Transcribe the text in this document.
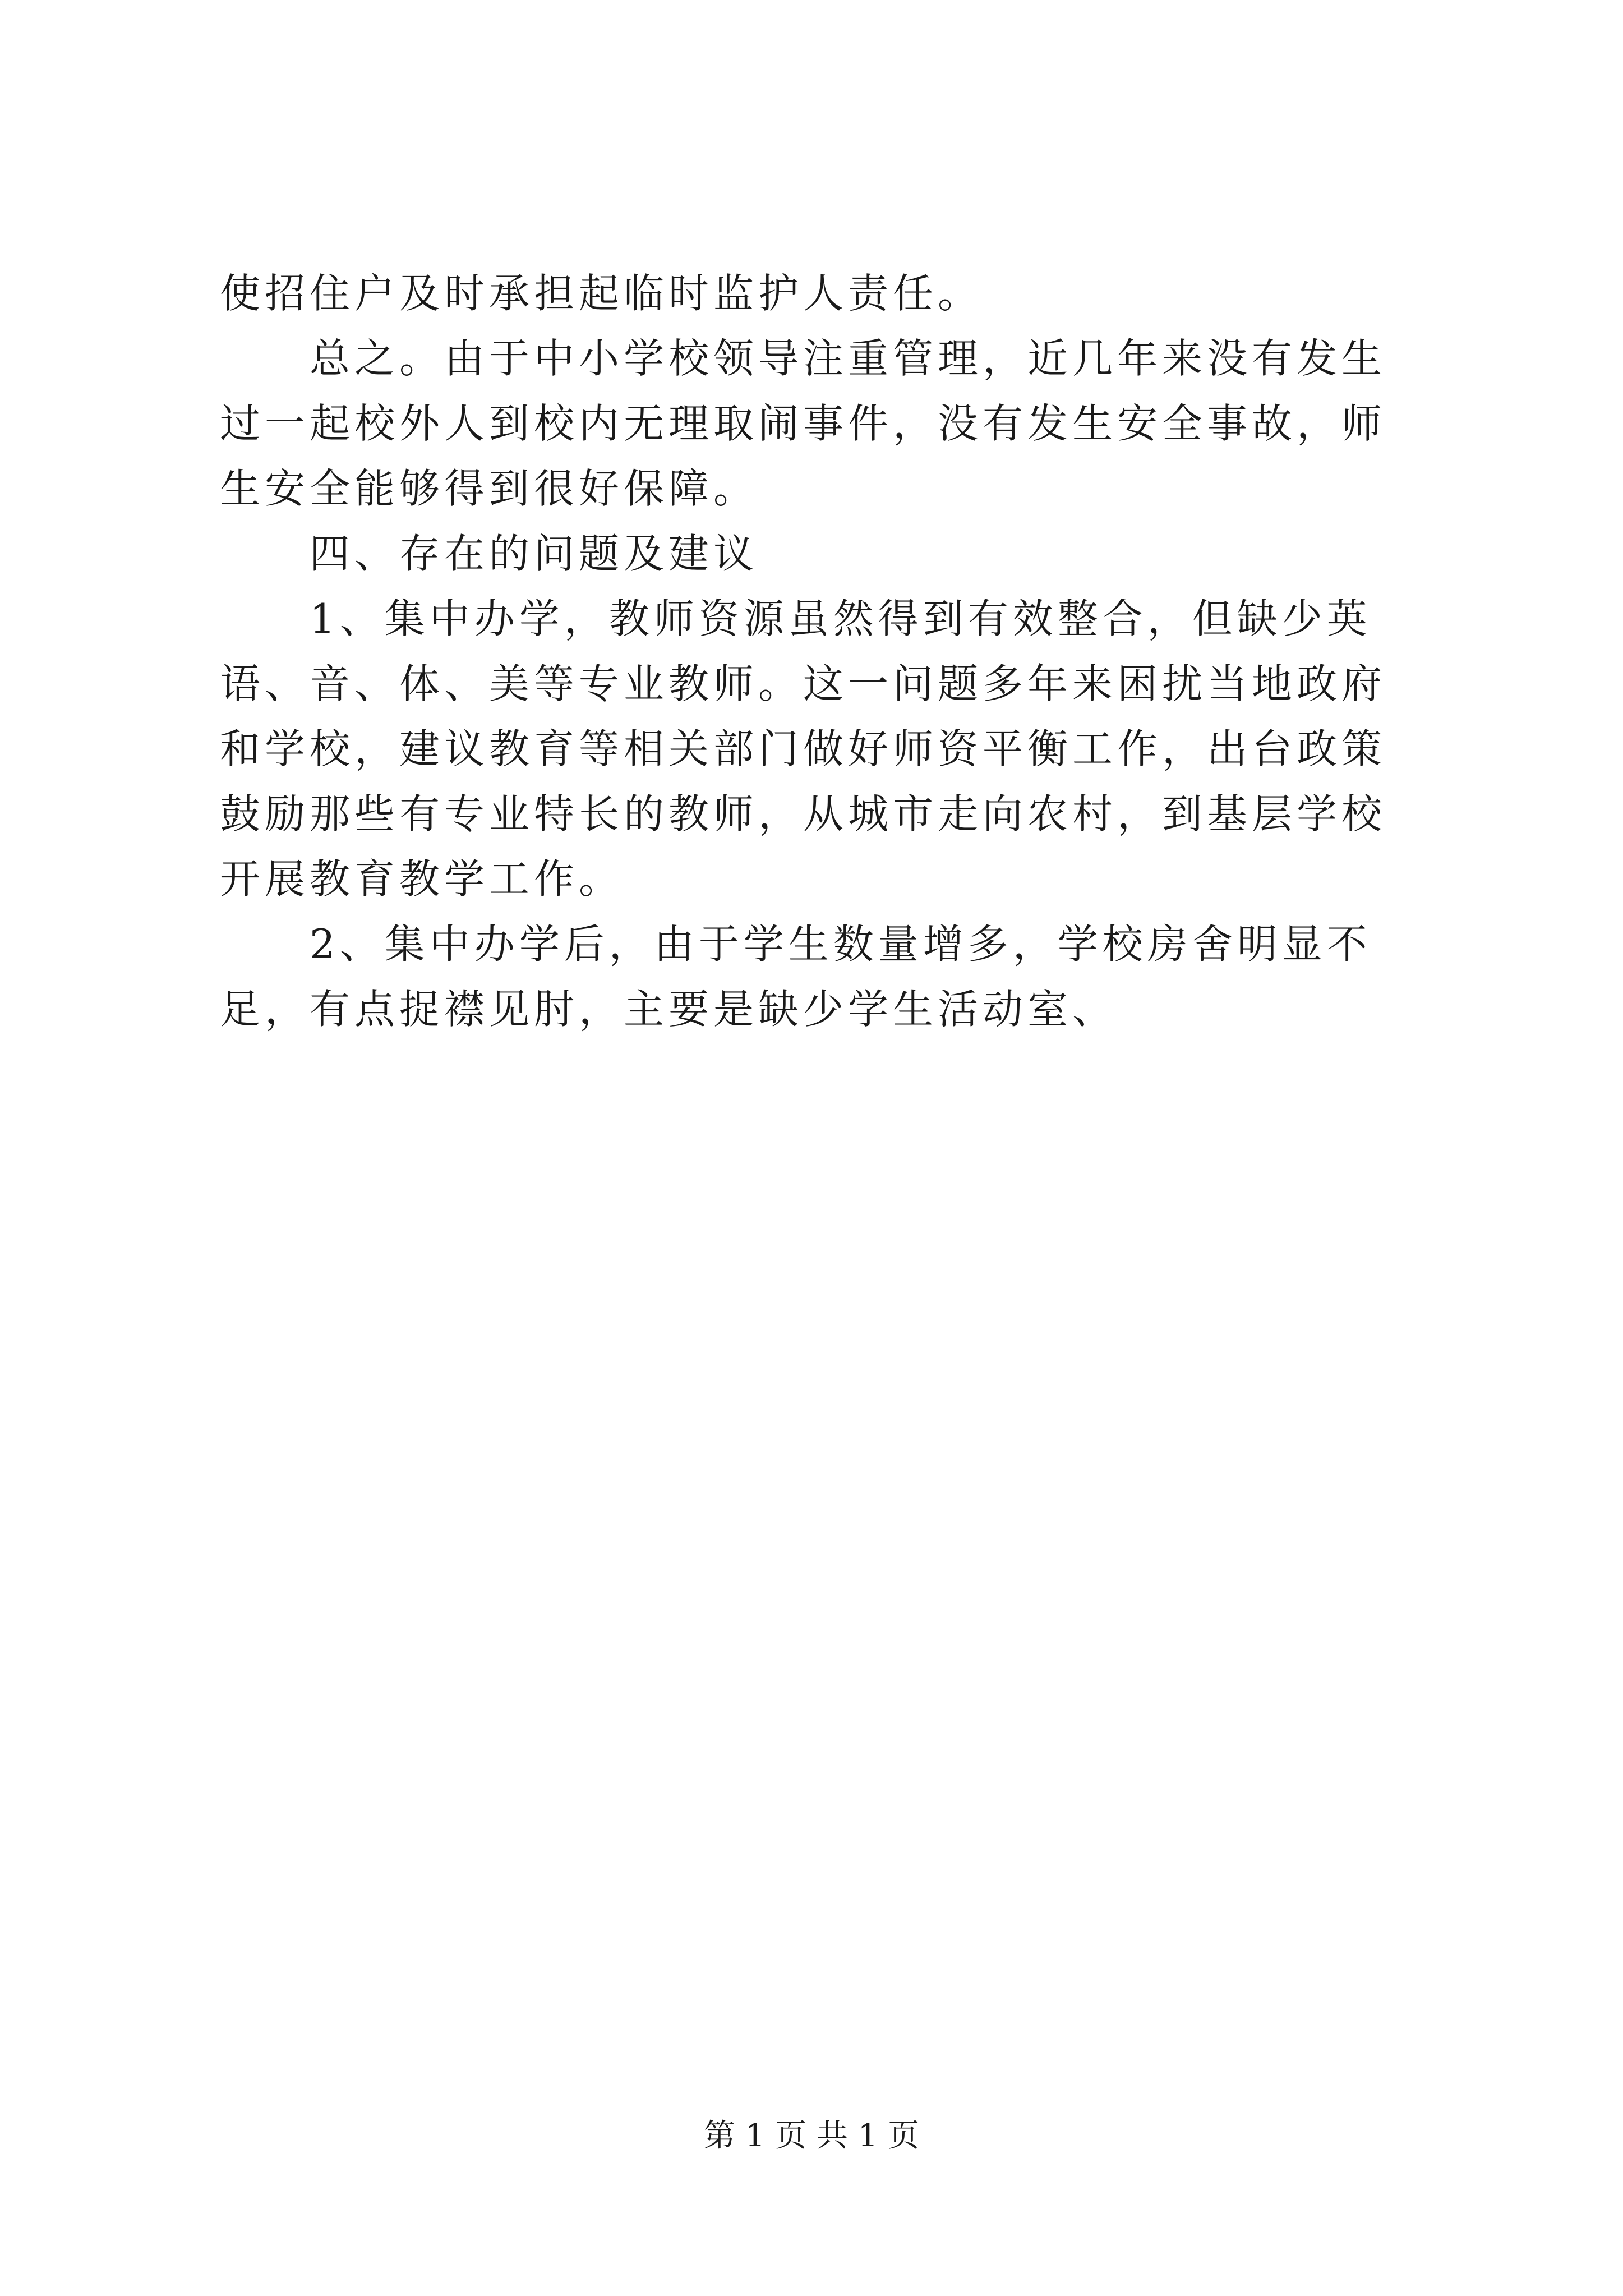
使招住户及时承担起临时监护人责任。

总之。由于中小学校领导注重管理，近几年来没有发生过一起校外人到校内无理取闹事件，没有发生安全事故，师生安全能够得到很好保障。

四、存在的问题及建议

1、集中办学，教师资源虽然得到有效整合，但缺少英语、音、体、美等专业教师。这一问题多年来困扰当地政府和学校，建议教育等相关部门做好师资平衡工作，出台政策鼓励那些有专业特长的教师，从城市走向农村，到基层学校开展教育教学工作。

2、集中办学后，由于学生数量增多，学校房舍明显不足，有点捉襟见肘，主要是缺少学生活动室、

第 1 页 共 1 页
